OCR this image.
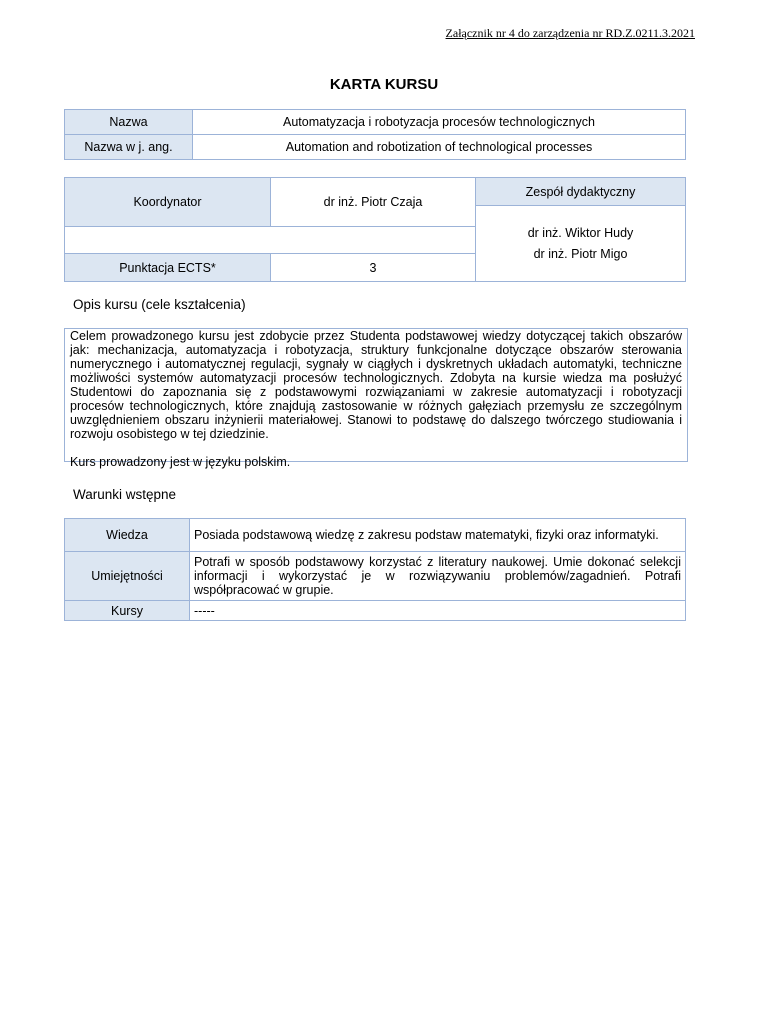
Załącznik nr 4 do zarządzenia nr RD.Z.0211.3.2021
KARTA KURSU
Nazwa	Automatyzacja i robotyzacja procesów technologicznych
Nazwa w j. ang.	Automation and robotization of technological processes
Koordynator	dr inż. Piotr Czaja	Zespół dydaktyczny

		dr inż. Wiktor Hudy
dr inż. Piotr Migo

Punktacja ECTS*	3	
Opis kursu (cele kształcenia)

Celem prowadzonego kursu jest zdobycie przez Studenta podstawowej wiedzy dotyczącej takich obszarów jak: mechanizacja, automatyzacja i robotyzacja, struktury funkcjonalne dotyczące obszarów sterowania numerycznego i automatycznej regulacji, sygnały w ciągłych i dyskretnych układach automatyki, techniczne możliwości systemów automatyzacji procesów technologicznych. Zdobyta na kursie wiedza ma posłużyć Studentowi do zapoznania się z podstawowymi rozwiązaniami w zakresie automatyzacji i robotyzacji procesów technologicznych, które znajdują zastosowanie w różnych gałęziach przemysłu ze szczególnym uwzględnieniem obszaru inżynierii materiałowej. Stanowi to podstawę do dalszego twórczego studiowania i rozwoju osobistego w tej dziedzinie.

Kurs prowadzony jest w języku polskim.

Warunki wstępne
Wiedza	Posiada podstawową wiedzę z zakresu podstaw matematyki, fizyki oraz informatyki.
Umiejętności	Potrafi w sposób podstawowy korzystać z literatury naukowej. Umie dokonać selekcji informacji i wykorzystać je w rozwiązywaniu problemów/zagadnień. Potrafi współpracować w grupie.
Kursy	-----
